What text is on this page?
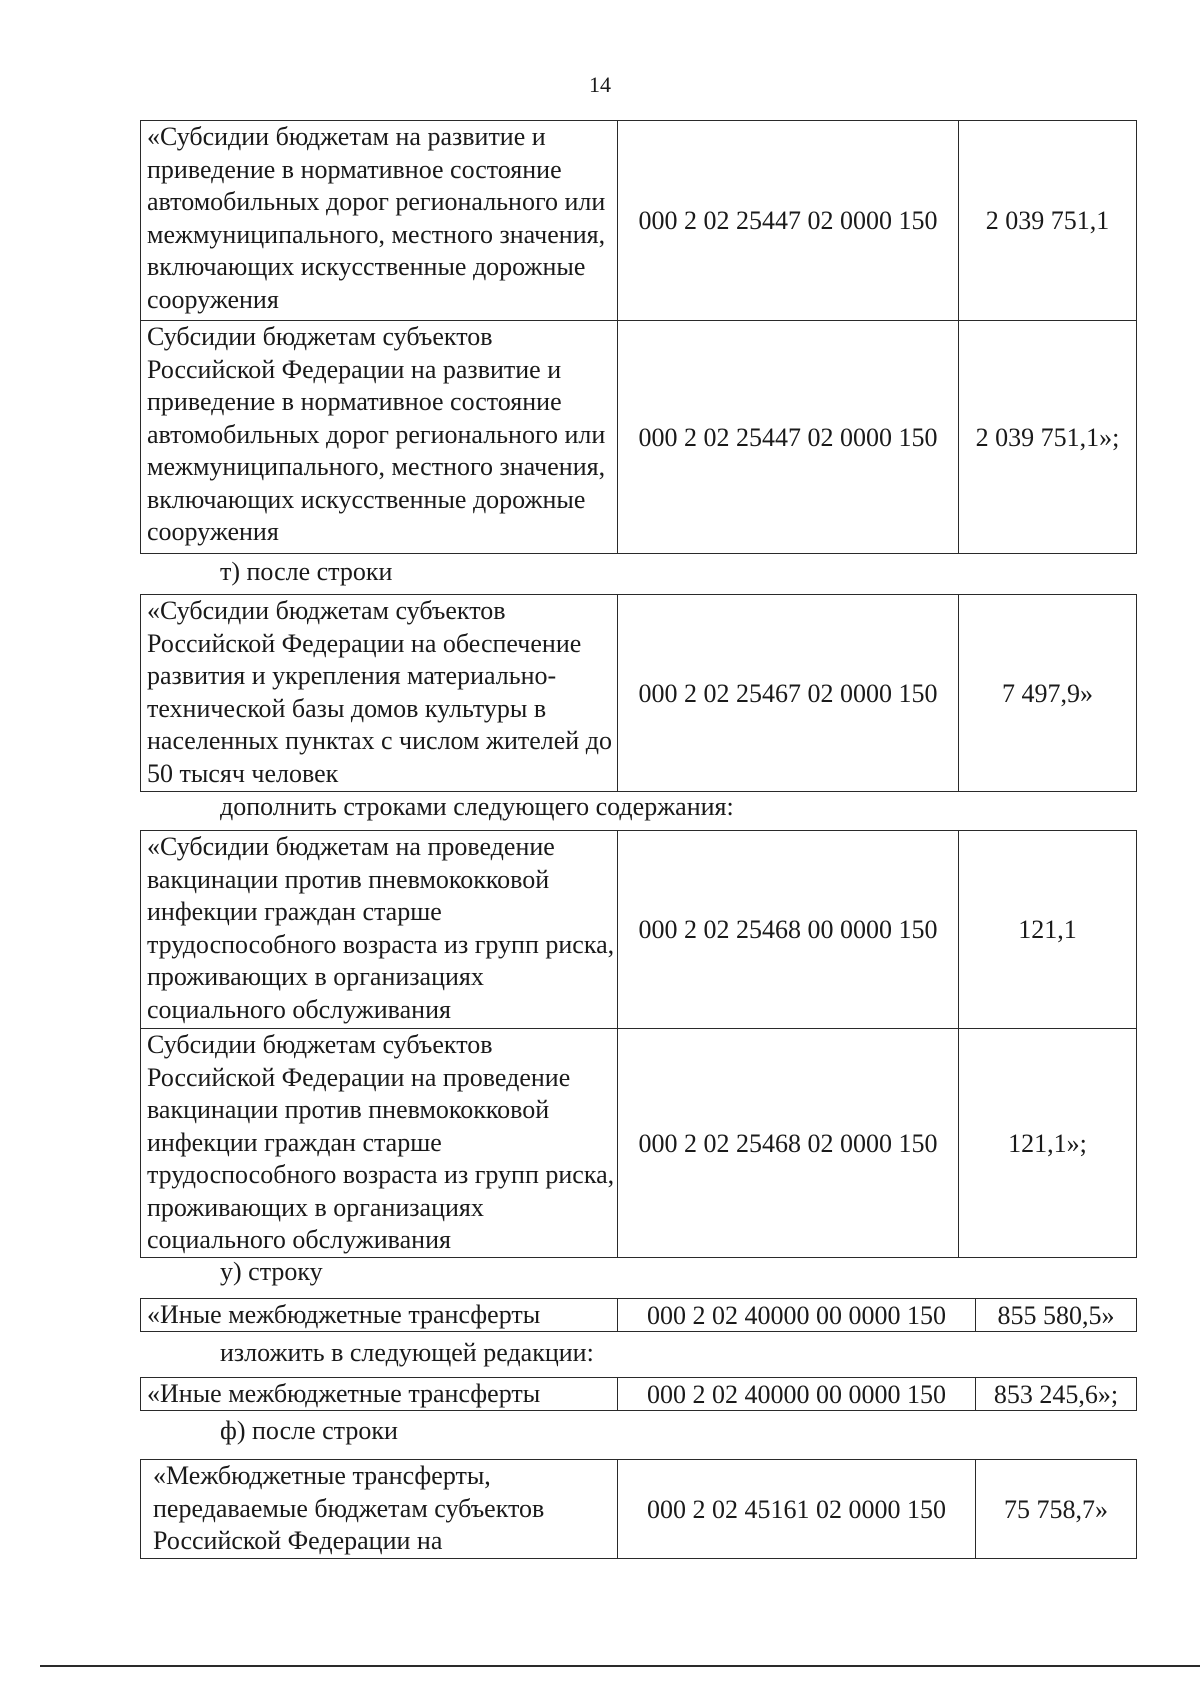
14
«Субсидии бюджетам на развитие и приведение в нормативное состояние автомобильных дорог регионального или межмуниципального, местного значения, включающих искусственные дорожные сооружения	000 2 02 25447 02 0000 150	2 039 751,1
Субсидии бюджетам субъектов Российской Федерации на развитие и приведение в нормативное состояние автомобильных дорог регионального или межмуниципального, местного значения, включающих искусственные дорожные сооружения	000 2 02 25447 02 0000 150	2 039 751,1»;
т) после строки
«Субсидии бюджетам субъектов Российской Федерации на обеспечение развития и укрепления материально-технической базы домов культуры в населенных пунктах с числом жителей до 50 тысяч человек	000 2 02 25467 02 0000 150	7 497,9»
дополнить строками следующего содержания:
«Субсидии бюджетам на проведение вакцинации против пневмококковой инфекции граждан старше трудоспособного возраста из групп риска, проживающих в организациях социального обслуживания	000 2 02 25468 00 0000 150	121,1
Субсидии бюджетам субъектов Российской Федерации на проведение вакцинации против пневмококковой инфекции граждан старше трудоспособного возраста из групп риска, проживающих в организациях социального обслуживания	000 2 02 25468 02 0000 150	121,1»;
у) строку
«Иные межбюджетные трансферты	000 2 02 40000 00 0000 150	855 580,5»
изложить в следующей редакции:
«Иные межбюджетные трансферты	000 2 02 40000 00 0000 150	853 245,6»;
ф) после строки
«Межбюджетные трансферты, передаваемые бюджетам субъектов Российской Федерации на	000 2 02 45161 02 0000 150	75 758,7»
